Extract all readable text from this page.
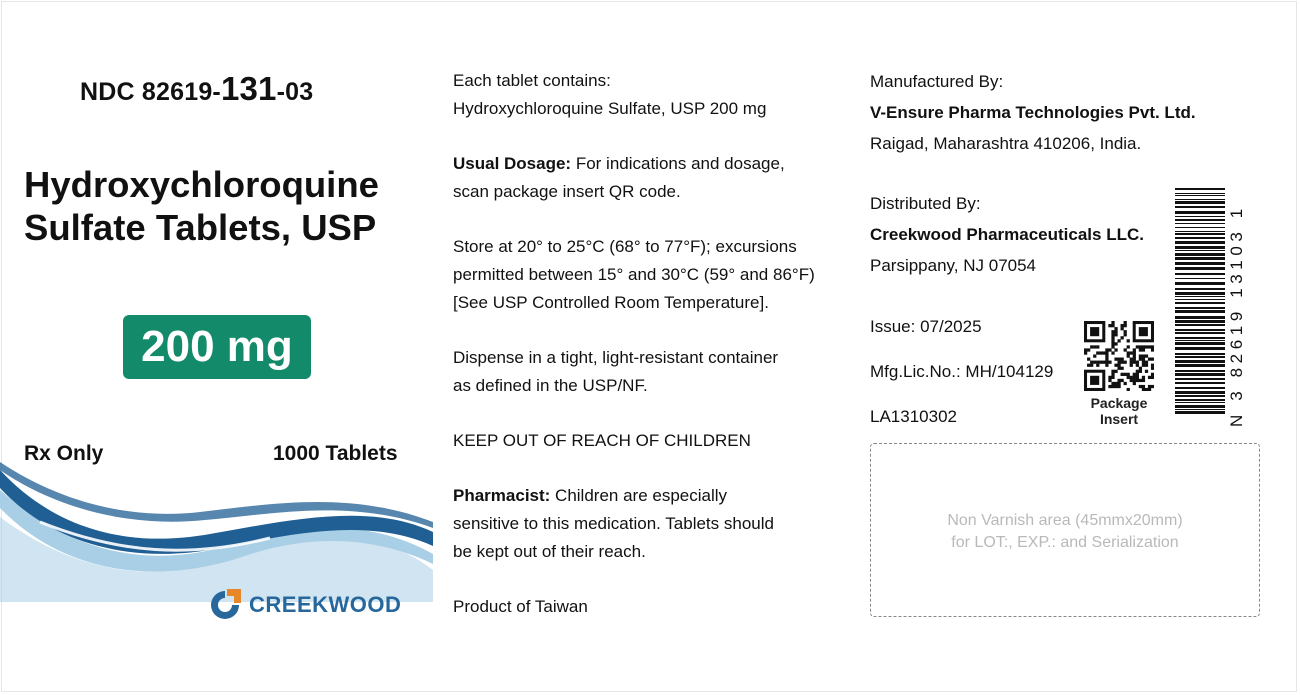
NDC 82619-131-03
Hydroxychloroquine
Sulfate Tablets, USP
200 mg
Rx Only	1000 Tablets
CREEKWOOD
Each tablet contains:
Hydroxychloroquine Sulfate, USP 200 mg
Usual Dosage: For indications and dosage,
scan package insert QR code.
Store at 20° to 25°C (68° to 77°F); excursions
permitted between 15° and 30°C (59° and 86°F)
[See USP Controlled Room Temperature].
Dispense in a tight, light-resistant container
as defined in the USP/NF.
KEEP OUT OF REACH OF CHILDREN
Pharmacist: Children are especially
sensitive to this medication. Tablets should
be kept out of their reach.
Product of Taiwan
Manufactured By:
V-Ensure Pharma Technologies Pvt. Ltd.
Raigad, Maharashtra 410206, India.
Distributed By:
Creekwood Pharmaceuticals LLC.
Parsippany, NJ 07054
Issue: 07/2025
Mfg.Lic.No.: MH/104129
LA1310302
Package
Insert	N 3 82619 13103 1
Non Varnish area (45mmx20mm)
for LOT:, EXP.: and Serialization
